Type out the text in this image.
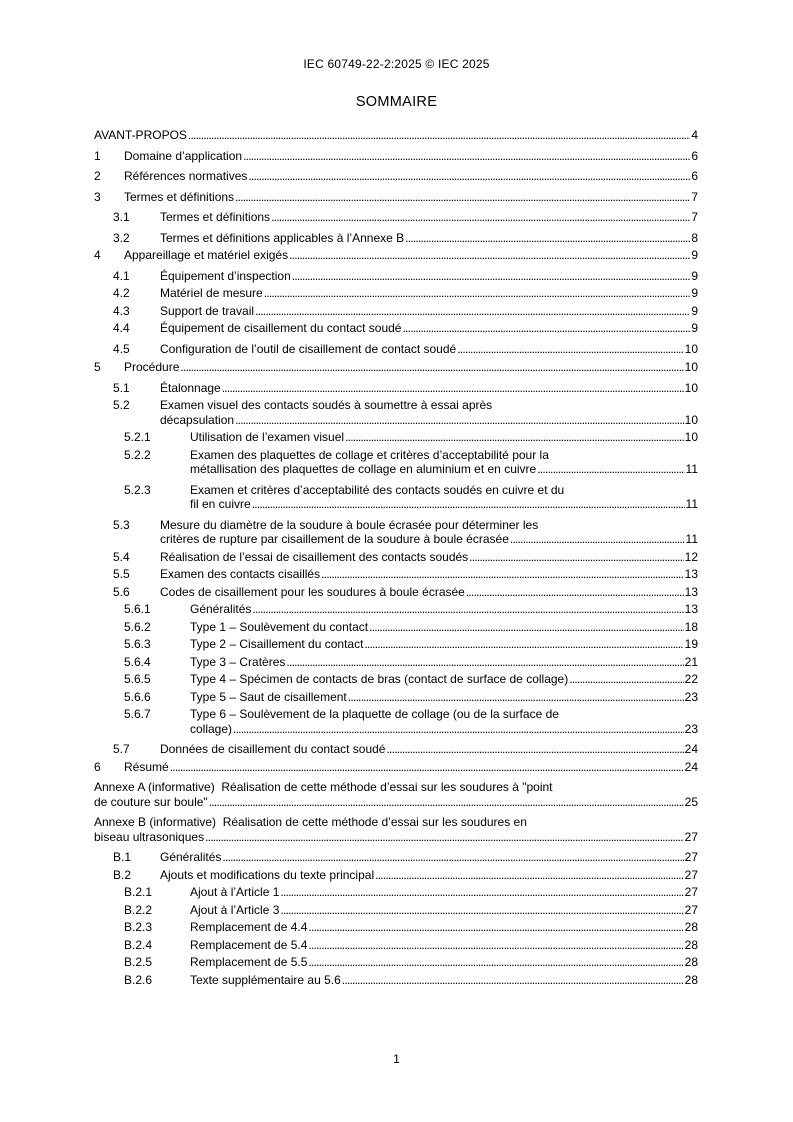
IEC 60749-22-2:2025 © IEC 2025
SOMMAIRE
AVANT-PROPOS . . .	4
1	Domaine d’application . . .	6
2	Références normatives . . .	6
3	Termes et définitions . . .	7
3.1	Termes et définitions . . .	7
3.2	Termes et définitions applicables à l’Annexe B . . .	8
4	Appareillage et matériel exigés . . .	9
4.1	Équipement d’inspection . . .	9
4.2	Matériel de mesure . . .	9
4.3	Support de travail . . .	9
4.4	Équipement de cisaillement du contact soudé . . .	9
4.5	Configuration de l’outil de cisaillement de contact soudé . . .	10
5	Procédure . . .	10
5.1	Étalonnage . . .	10
5.2	Examen visuel des contacts soudés à soumettre à essai après
décapsulation . . .	10
5.2.1	Utilisation de l’examen visuel . . .	10
5.2.2	Examen des plaquettes de collage et critères d’acceptabilité pour la
métallisation des plaquettes de collage en aluminium et en cuivre . . .	11
5.2.3	Examen et critères d’acceptabilité des contacts soudés en cuivre et du
fil en cuivre . . .	11
5.3	Mesure du diamètre de la soudure à boule écrasée pour déterminer les
critères de rupture par cisaillement de la soudure à boule écrasée . . .	11
5.4	Réalisation de l’essai de cisaillement des contacts soudés . . .	12
5.5	Examen des contacts cisaillés . . .	13
5.6	Codes de cisaillement pour les soudures à boule écrasée . . .	13
5.6.1	Généralités . . .	13
5.6.2	Type 1 – Soulèvement du contact . . .	18
5.6.3	Type 2 – Cisaillement du contact . . .	19
5.6.4	Type 3 – Cratères . . .	21
5.6.5	Type 4 – Spécimen de contacts de bras (contact de surface de collage) . . .	22
5.6.6	Type 5 – Saut de cisaillement . . .	23
5.6.7	Type 6 – Soulèvement de la plaquette de collage (ou de la surface de
collage) . . .	23
5.7	Données de cisaillement du contact soudé . . .	24
6	Résumé . . .	24
Annexe A (informative)  Réalisation de cette méthode d’essai sur les soudures à "point
de couture sur boule" . . .	25
Annexe B (informative)  Réalisation de cette méthode d’essai sur les soudures en
biseau ultrasoniques . . .	27
B.1	Généralités . . .	27
B.2	Ajouts et modifications du texte principal . . .	27
B.2.1	Ajout à l’Article 1 . . .	27
B.2.2	Ajout à l’Article 3 . . .	27
B.2.3	Remplacement de 4.4 . . .	28
B.2.4	Remplacement de 5.4 . . .	28
B.2.5	Remplacement de 5.5 . . .	28
B.2.6	Texte supplémentaire au 5.6 . . .	28
1
